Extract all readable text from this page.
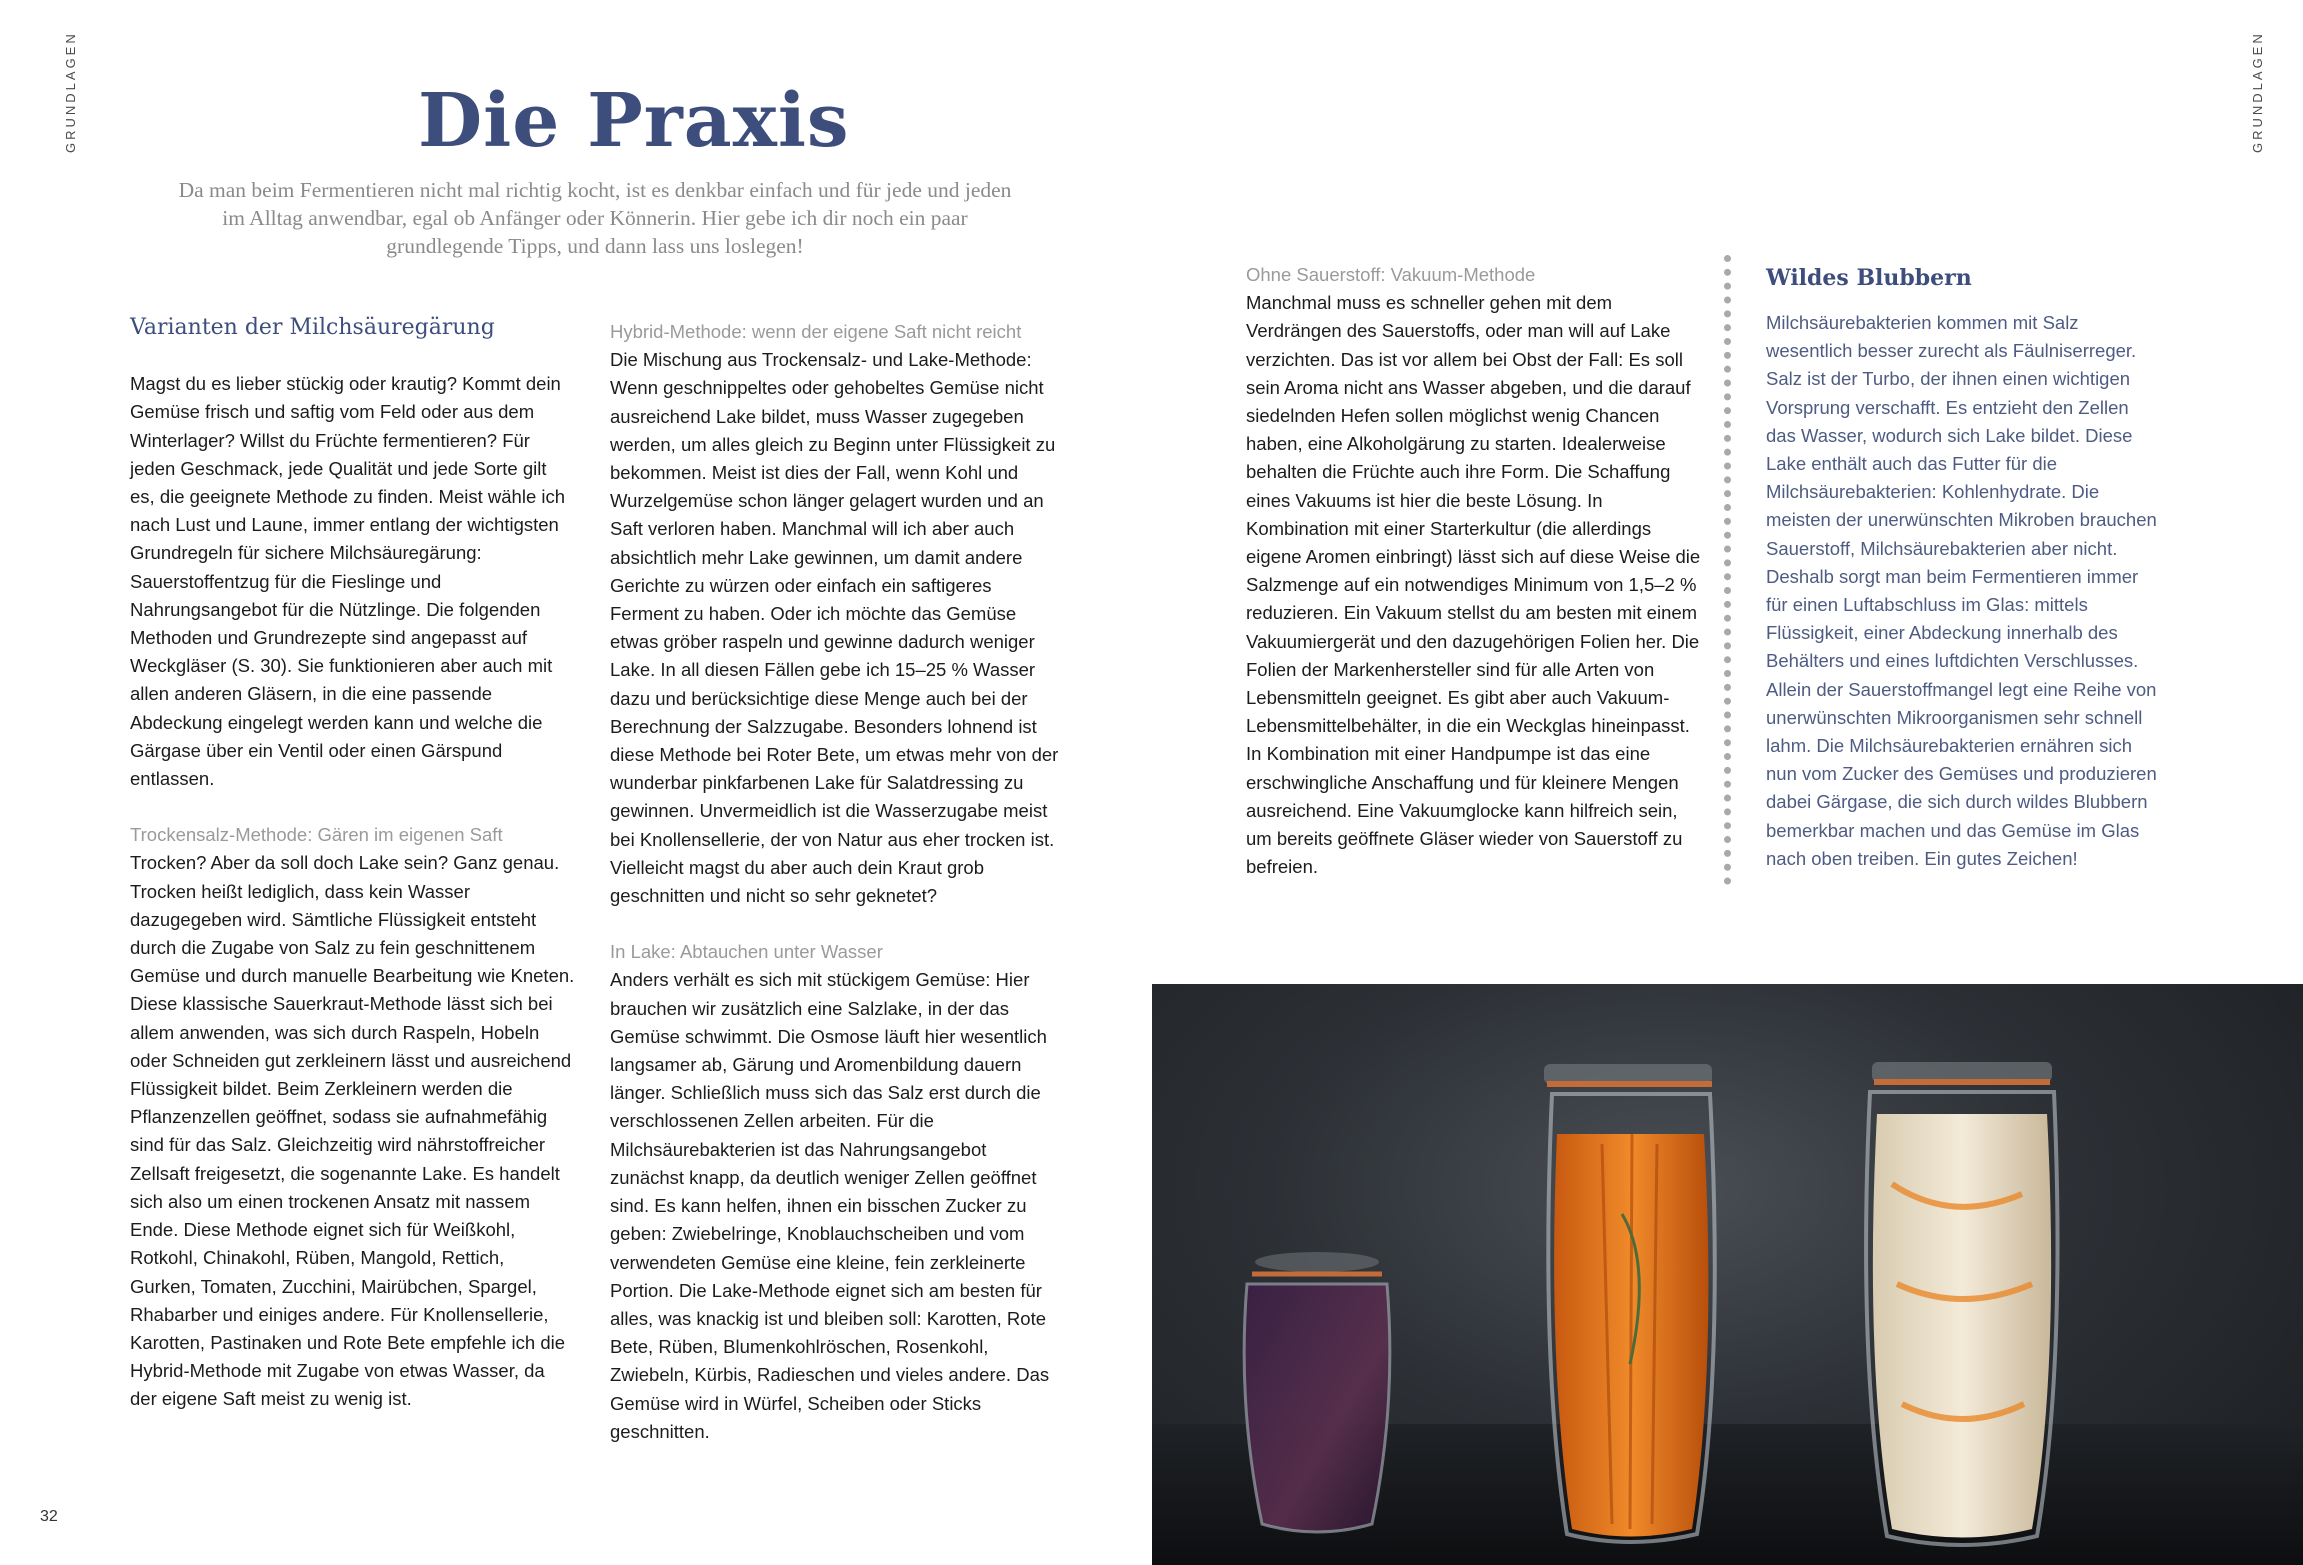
GRUNDLAGEN	GRUNDLAGEN
Die Praxis

Da man beim Fermentieren nicht mal richtig kocht, ist es denkbar einfach und für jede und jeden im Alltag anwendbar, egal ob Anfänger oder Könnerin. Hier gebe ich dir noch ein paar grundlegende Tipps, und dann lass uns loslegen!

Varianten der Milchsäuregärung

Magst du es lieber stückig oder krautig? Kommt dein Gemüse frisch und saftig vom Feld oder aus dem Winterlager? Willst du Früchte fermentieren? Für jeden Geschmack, jede Qualität und jede Sorte gilt es, die geeignete Methode zu finden. Meist wähle ich nach Lust und Laune, immer entlang der wichtigsten Grundregeln für sichere Milchsäuregärung: Sauerstoffentzug für die Fieslinge und Nahrungsangebot für die Nützlinge. Die folgenden Methoden und Grundrezepte sind angepasst auf Weckgläser (S. 30). Sie funktionieren aber auch mit allen anderen Gläsern, in die eine passende Abdeckung eingelegt werden kann und welche die Gärgase über ein Ventil oder einen Gärspund entlassen.

Trockensalz-Methode: Gären im eigenen Saft

Trocken? Aber da soll doch Lake sein? Ganz genau. Trocken heißt lediglich, dass kein Wasser dazugegeben wird. Sämtliche Flüssigkeit entsteht durch die Zugabe von Salz zu fein geschnittenem Gemüse und durch manuelle Bearbeitung wie Kneten. Diese klassische Sauerkraut-Methode lässt sich bei allem anwenden, was sich durch Raspeln, Hobeln oder Schneiden gut zerkleinern lässt und ausreichend Flüssigkeit bildet. Beim Zerkleinern werden die Pflanzenzellen geöffnet, sodass sie aufnahmefähig sind für das Salz. Gleichzeitig wird nährstoffreicher Zellsaft freigesetzt, die sogenannte Lake. Es handelt sich also um einen trockenen Ansatz mit nassem Ende. Diese Methode eignet sich für Weißkohl, Rotkohl, Chinakohl, Rüben, Mangold, Rettich, Gurken, Tomaten, Zucchini, Mairübchen, Spargel, Rhabarber und einiges andere. Für Knollensellerie, Karotten, Pastinaken und Rote Bete empfehle ich die Hybrid-Methode mit Zugabe von etwas Wasser, da der eigene Saft meist zu wenig ist.

Hybrid-Methode: wenn der eigene Saft nicht reicht

Die Mischung aus Trockensalz- und Lake-Methode: Wenn geschnippeltes oder gehobeltes Gemüse nicht ausreichend Lake bildet, muss Wasser zugegeben werden, um alles gleich zu Beginn unter Flüssigkeit zu bekommen. Meist ist dies der Fall, wenn Kohl und Wurzelgemüse schon länger gelagert wurden und an Saft verloren haben. Manchmal will ich aber auch absichtlich mehr Lake gewinnen, um damit andere Gerichte zu würzen oder einfach ein saftigeres Ferment zu haben. Oder ich möchte das Gemüse etwas gröber raspeln und gewinne dadurch weniger Lake. In all diesen Fällen gebe ich 15–25 % Wasser dazu und berücksichtige diese Menge auch bei der Berechnung der Salzzugabe. Besonders lohnend ist diese Methode bei Roter Bete, um etwas mehr von der wunderbar pinkfarbenen Lake für Salatdressing zu gewinnen. Unvermeidlich ist die Wasserzugabe meist bei Knollensellerie, der von Natur aus eher trocken ist. Vielleicht magst du aber auch dein Kraut grob geschnitten und nicht so sehr geknetet?

In Lake: Abtauchen unter Wasser

Anders verhält es sich mit stückigem Gemüse: Hier brauchen wir zusätzlich eine Salzlake, in der das Gemüse schwimmt. Die Osmose läuft hier wesentlich langsamer ab, Gärung und Aromenbildung dauern länger. Schließlich muss sich das Salz erst durch die verschlossenen Zellen arbeiten. Für die Milchsäurebakterien ist das Nahrungsangebot zunächst knapp, da deutlich weniger Zellen geöffnet sind. Es kann helfen, ihnen ein bisschen Zucker zu geben: Zwiebelringe, Knoblauchscheiben und vom verwendeten Gemüse eine kleine, fein zerkleinerte Portion. Die Lake-Methode eignet sich am besten für alles, was knackig ist und bleiben soll: Karotten, Rote Bete, Rüben, Blumenkohlröschen, Rosenkohl, Zwiebeln, Kürbis, Radieschen und vieles andere. Das Gemüse wird in Würfel, Scheiben oder Sticks geschnitten.

Ohne Sauerstoff: Vakuum-Methode

Manchmal muss es schneller gehen mit dem Verdrängen des Sauerstoffs, oder man will auf Lake verzichten. Das ist vor allem bei Obst der Fall: Es soll sein Aroma nicht ans Wasser abgeben, und die darauf siedelnden Hefen sollen möglichst wenig Chancen haben, eine Alkoholgärung zu starten. Idealerweise behalten die Früchte auch ihre Form. Die Schaffung eines Vakuums ist hier die beste Lösung. In Kombination mit einer Starterkultur (die allerdings eigene Aromen einbringt) lässt sich auf diese Weise die Salzmenge auf ein notwendiges Minimum von 1,5–2 % reduzieren. Ein Vakuum stellst du am besten mit einem Vakuumiergerät und den dazugehörigen Folien her. Die Folien der Markenhersteller sind für alle Arten von Lebensmitteln geeignet. Es gibt aber auch Vakuum-Lebensmittelbehälter, in die ein Weckglas hineinpasst. In Kombination mit einer Handpumpe ist das eine erschwingliche Anschaffung und für kleinere Mengen ausreichend. Eine Vakuumglocke kann hilfreich sein, um bereits geöffnete Gläser wieder von Sauerstoff zu befreien.

Wildes Blubbern

Milchsäurebakterien kommen mit Salz wesentlich besser zurecht als Fäulniserreger. Salz ist der Turbo, der ihnen einen wichtigen Vorsprung verschafft. Es entzieht den Zellen das Wasser, wodurch sich Lake bildet. Diese Lake enthält auch das Futter für die Milchsäurebakterien: Kohlenhydrate. Die meisten der unerwünschten Mikroben brauchen Sauerstoff, Milchsäurebakterien aber nicht. Deshalb sorgt man beim Fermentieren immer für einen Luftabschluss im Glas: mittels Flüssigkeit, einer Abdeckung innerhalb des Behälters und eines luftdichten Verschlusses. Allein der Sauerstoffmangel legt eine Reihe von unerwünschten Mikroorganismen sehr schnell lahm. Die Milchsäurebakterien ernähren sich nun vom Zucker des Gemüses und produzieren dabei Gärgase, die sich durch wildes Blubbern bemerkbar machen und das Gemüse im Glas nach oben treiben. Ein gutes Zeichen!

32
